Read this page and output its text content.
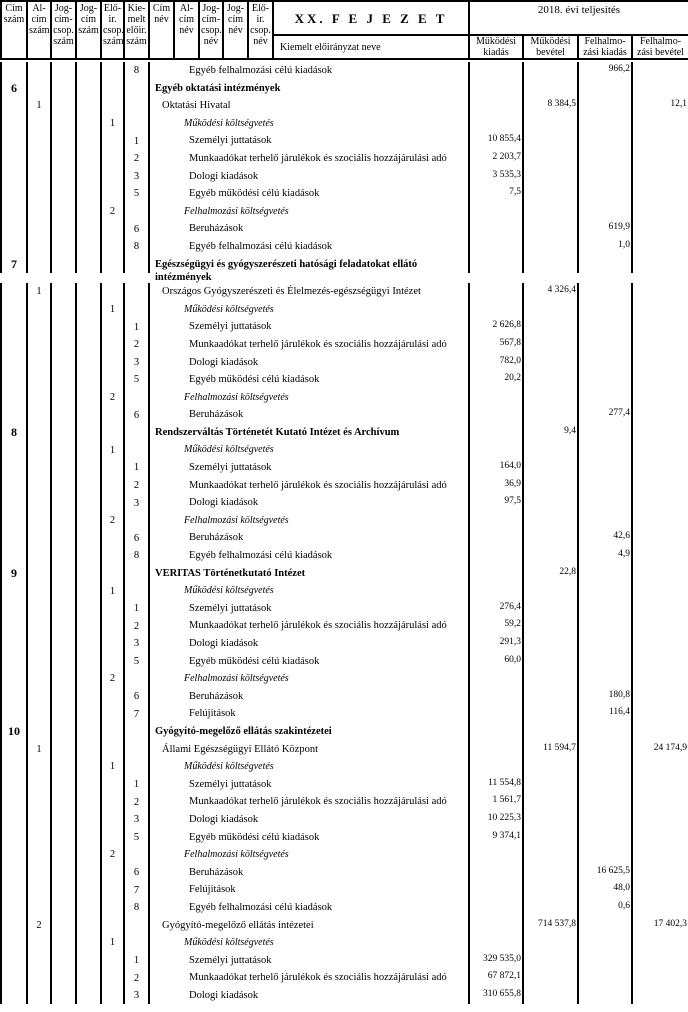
Cím szám	Al-cím szám	Jog-cím-csop. szám	Jog-cím szám	Elő-ir. csop. szám	Kie-melt előir. szám	Cím név	Al-cím név	Jog-cím-csop. név	Jog-cím név	Elő-ir. csop. név	XX. F E J E Z E T	2018. évi teljesítés			
											Kiemelt előirányzat neve	Működési kiadás	Működési bevétel	Felhalmo-zási kiadás	Felhalmo-zási bevétel
					8	Egyéb felhalmozási célú kiadások			966,2	
6						Egyéb oktatási intézmények				

	1					Oktatási Hivatal		8 384,5		12,1
				1		Működési költségvetés				

					1	Személyi juttatások	10 855,4			
					2	Munkaadókat terhelő járulékok és szociális hozzájárulási adó	2 203,7			
					3	Dologi kiadások	3 535,3			
					5	Egyéb működési célú kiadások	7,5			
				2		Felhalmozási költségvetés				

					6	Beruházások			619,9	
					8	Egyéb felhalmozási célú kiadások			1,0	
7						Egészségügyi és gyógyszerészeti hatósági feladatokat ellátó intézmények				

	1					Országos Gyógyszerészeti és Élelmezés-egészségügyi Intézet		4 326,4		
				1		Működési költségvetés				

					1	Személyi juttatások	2 626,8			
					2	Munkaadókat terhelő járulékok és szociális hozzájárulási adó	567,8			
					3	Dologi kiadások	782,0			
					5	Egyéb működési célú kiadások	20,2			
				2		Felhalmozási költségvetés				

					6	Beruházások			277,4	
8						Rendszerváltás Történetét Kutató Intézet és Archívum		9,4		
				1		Működési költségvetés				

					1	Személyi juttatások	164,0			
					2	Munkaadókat terhelő járulékok és szociális hozzájárulási adó	36,9			
					3	Dologi kiadások	97,5			
				2		Felhalmozási költségvetés				

					6	Beruházások			42,6	
					8	Egyéb felhalmozási célú kiadások			4,9	
9						VERITAS Történetkutató Intézet		22,8		
				1		Működési költségvetés				

					1	Személyi juttatások	276,4			
					2	Munkaadókat terhelő járulékok és szociális hozzájárulási adó	59,2			
					3	Dologi kiadások	291,3			
					5	Egyéb működési célú kiadások	60,0			
				2		Felhalmozási költségvetés				

					6	Beruházások			180,8	
					7	Felújítások			116,4	
10						Gyógyító-megelőző ellátás szakintézetei				

	1					Állami Egészségügyi Ellátó Központ		11 594,7		24 174,9
				1		Működési költségvetés				

					1	Személyi juttatások	11 554,8			
					2	Munkaadókat terhelő járulékok és szociális hozzájárulási adó	1 561,7			
					3	Dologi kiadások	10 225,3			
					5	Egyéb működési célú kiadások	9 374,1			
				2		Felhalmozási költségvetés				

					6	Beruházások			16 625,5	
					7	Felújítások			48,0	
					8	Egyéb felhalmozási célú kiadások			0,6	
	2					Gyógyító-megelőző ellátás intézetei		714 537,8		17 402,3
				1		Működési költségvetés				

					1	Személyi juttatások	329 535,0			
					2	Munkaadókat terhelő járulékok és szociális hozzájárulási adó	67 872,1			
					3	Dologi kiadások	310 655,8			
